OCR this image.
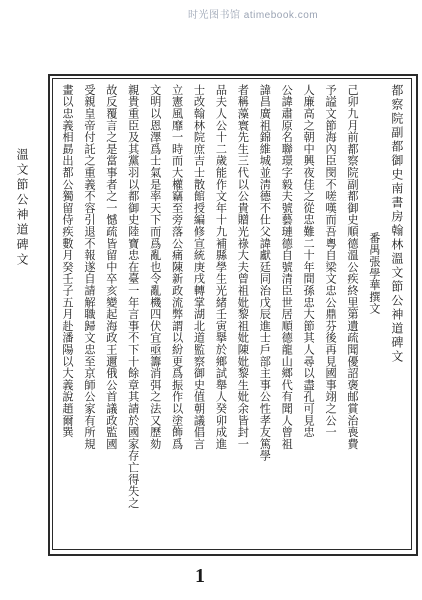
时光图书馆 atimebook.com
溫文節公神道碑文	都察院副都御史南書房翰林溫文節公神道碑文
番禺張學華撰文
己卯九月前都察院副都御史順德溫公疾終里第遺疏聞優詔褒邮賞治喪費
予謚文節海內臣閔不嗟嘆而吾粵自梁文忠公鼎芬後再見國事翊之公一
人廉高之朝中興夜佳之從忠難二十年間孫忠大節其人尋以盡孔可見忠
公諱肅原名聯璟字毅夫號藝璉德自號清臣世居順德龍山鄉代有聞人曾祖
諱昌廣祖錦維城並淸德不仕父諱獻廷同治戊辰進士戶部主事公性孝友篤學
者稱藻寰先生三代以公貴贈光祿大夫曾祖妣黎祖妣陳妣黎生妣余皆封一
品夫人公十二歲能作文年十九補縣學生光緒壬寅擧於鄉試舉人癸卯成進
士改翰林院庶吉士散館授編修宣統庚戌轉掌湖北道監察御史值朝議倡言
立憲風靡一時而大權竊至旁落公痛陳新政流弊謂以紛更爲振作以塗飾爲
文明以恩澤爲士氣是率天下而爲亂也令亂機四伏宜亟籌消弭之法又歷劾
親貴重臣及其黨羽以都御史陸寶忠在臺一年言事不下十餘章其請於國家存亡得失之
故反覆言之是當事者之一憾疏皆留中卒亥變起海政王邇俄公首議政監國
受親皇帝付託之重義不容引退不報遂自請解職歸文忠至京師公家有所規
畫以忠義相勗出都公獨留侍疾數月癸壬子五月赴潘陽以大義說趙爾巽
1
